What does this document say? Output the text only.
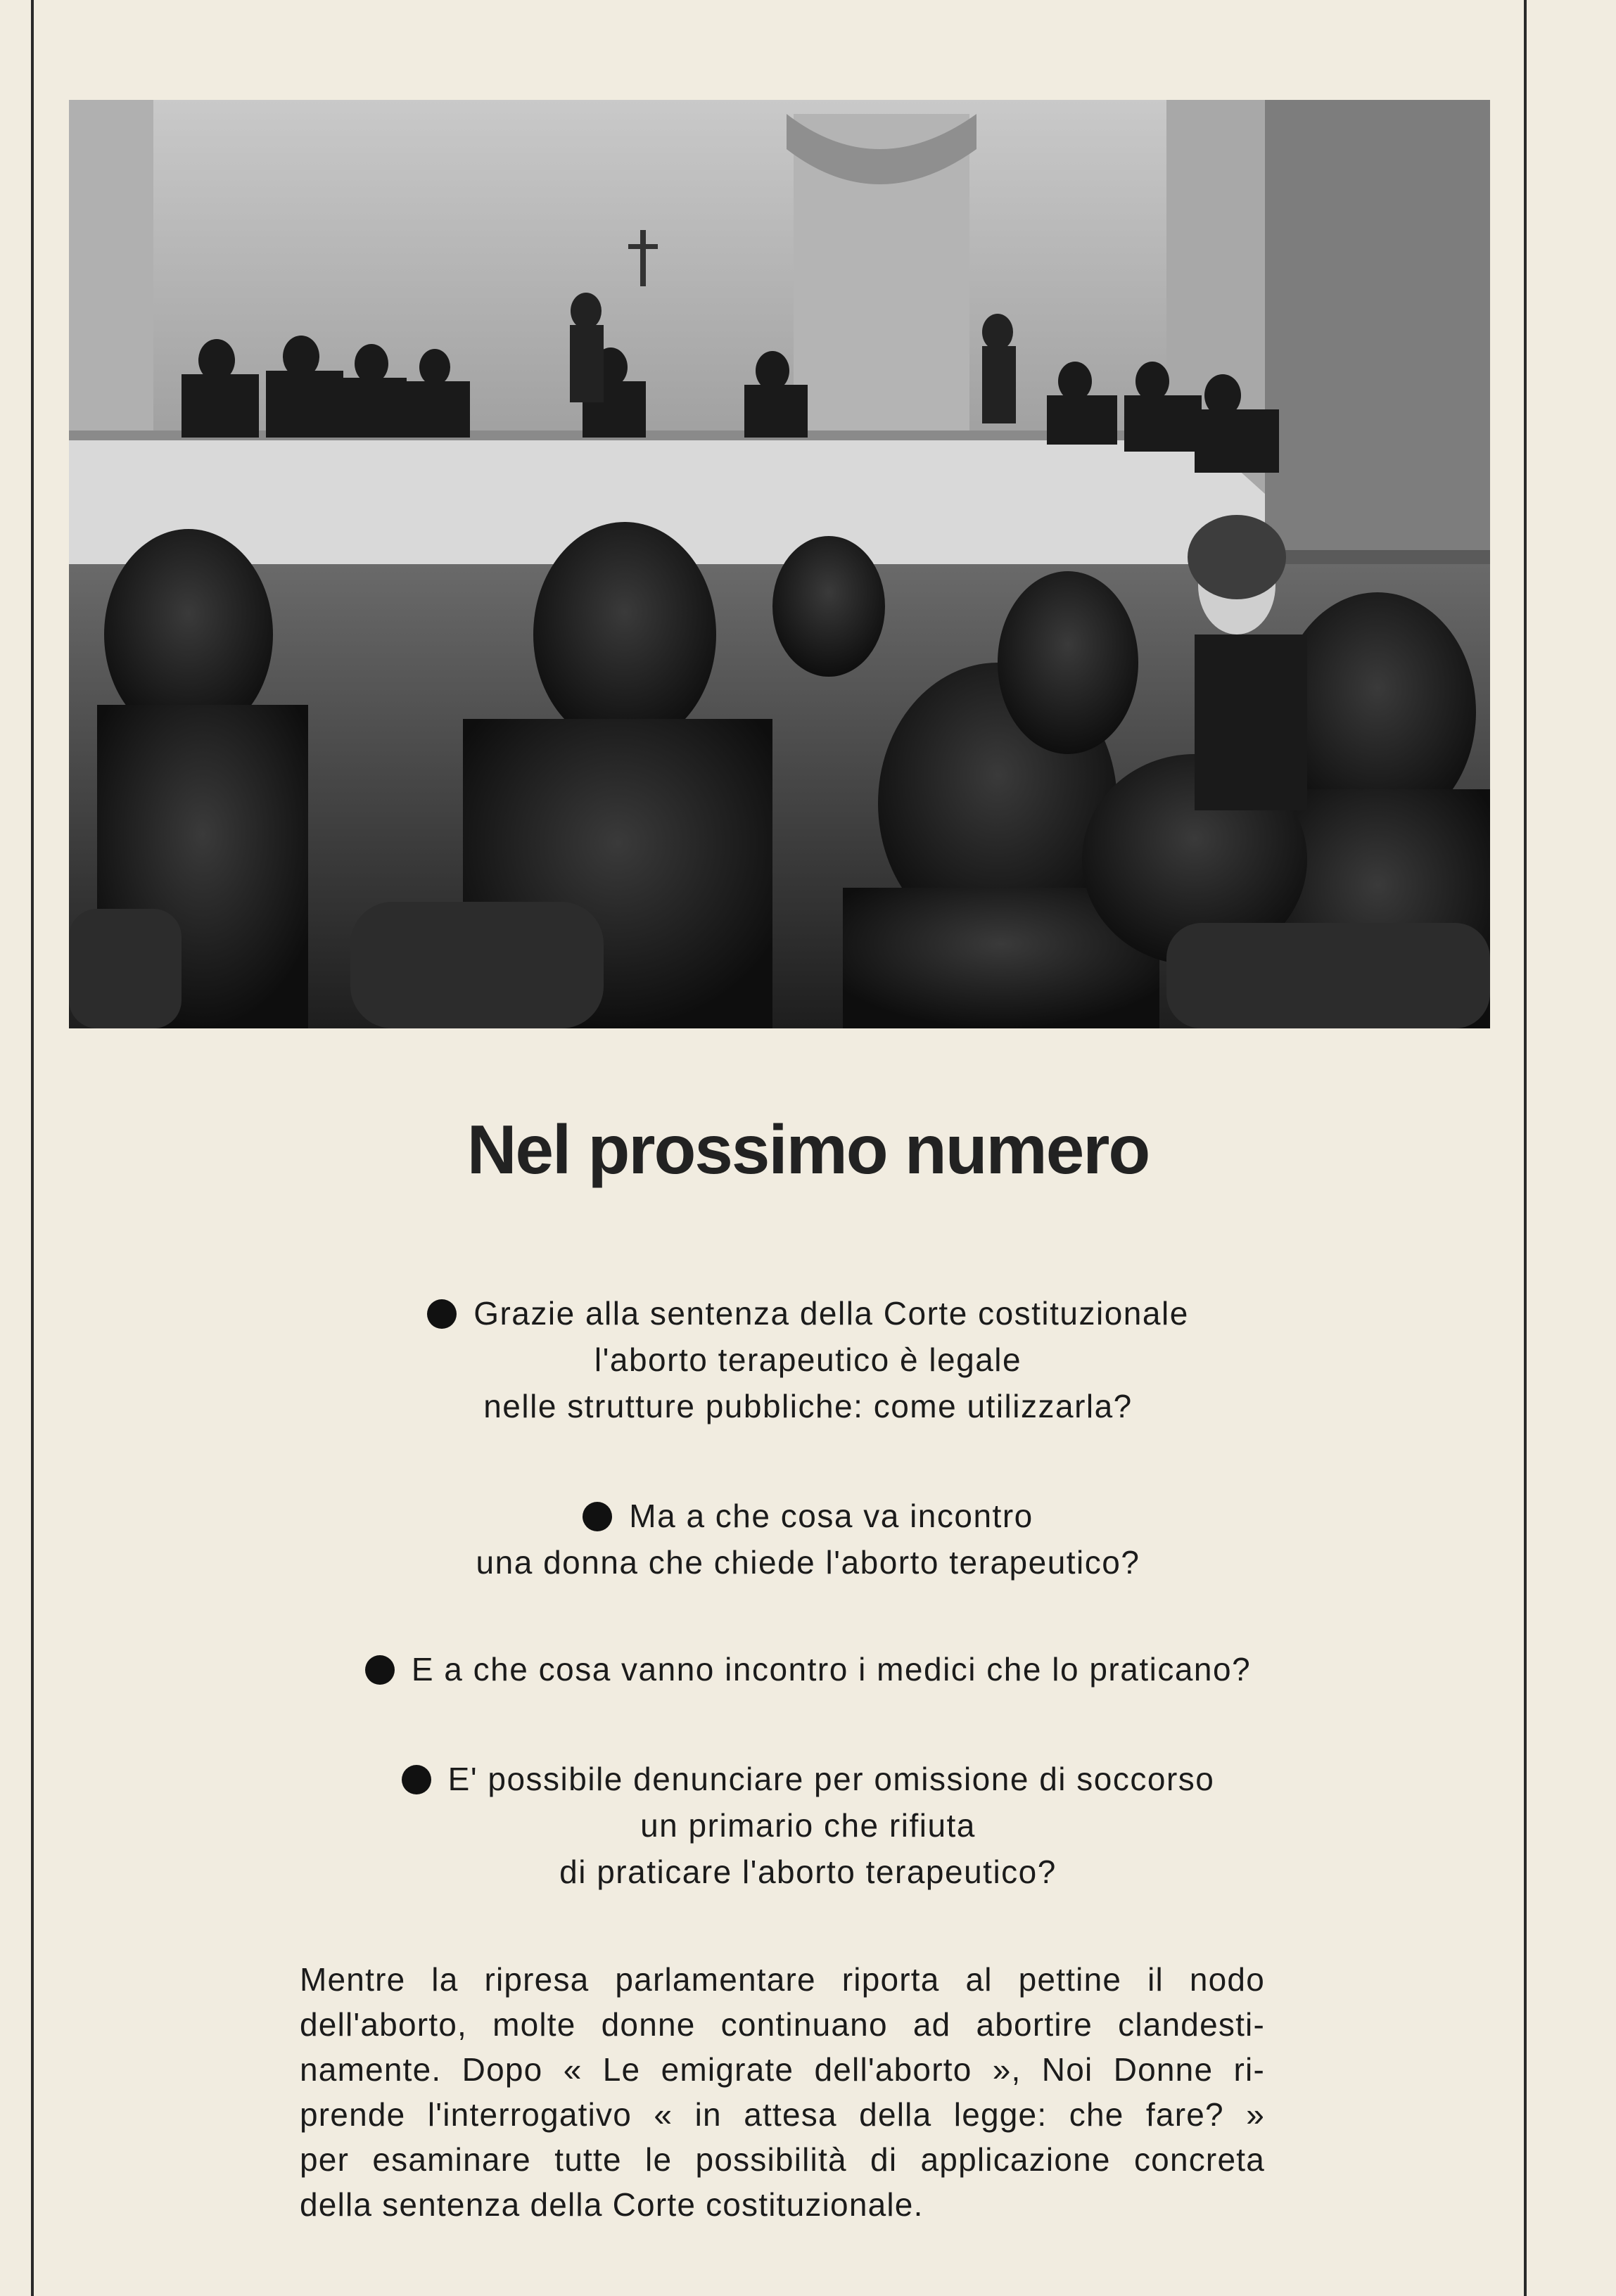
Nel prossimo numero
Grazie alla sentenza della Corte costituzionale
l'aborto terapeutico è legale
nelle strutture pubbliche: come utilizzarla?
Ma a che cosa va incontro
una donna che chiede l'aborto terapeutico?
E a che cosa vanno incontro i medici che lo praticano?
E' possibile denunciare per omissione di soccorso
un primario che rifiuta
di praticare l'aborto terapeutico?
Mentre la ripresa parlamentare riporta al pettine il nodo
dell'aborto, molte donne continuano ad abortire clandesti-
namente. Dopo « Le emigrate dell'aborto », Noi Donne ri-
prende l'interrogativo « in attesa della legge: che fare? »
per esaminare tutte le possibilità di applicazione concreta
della sentenza della Corte costituzionale.
